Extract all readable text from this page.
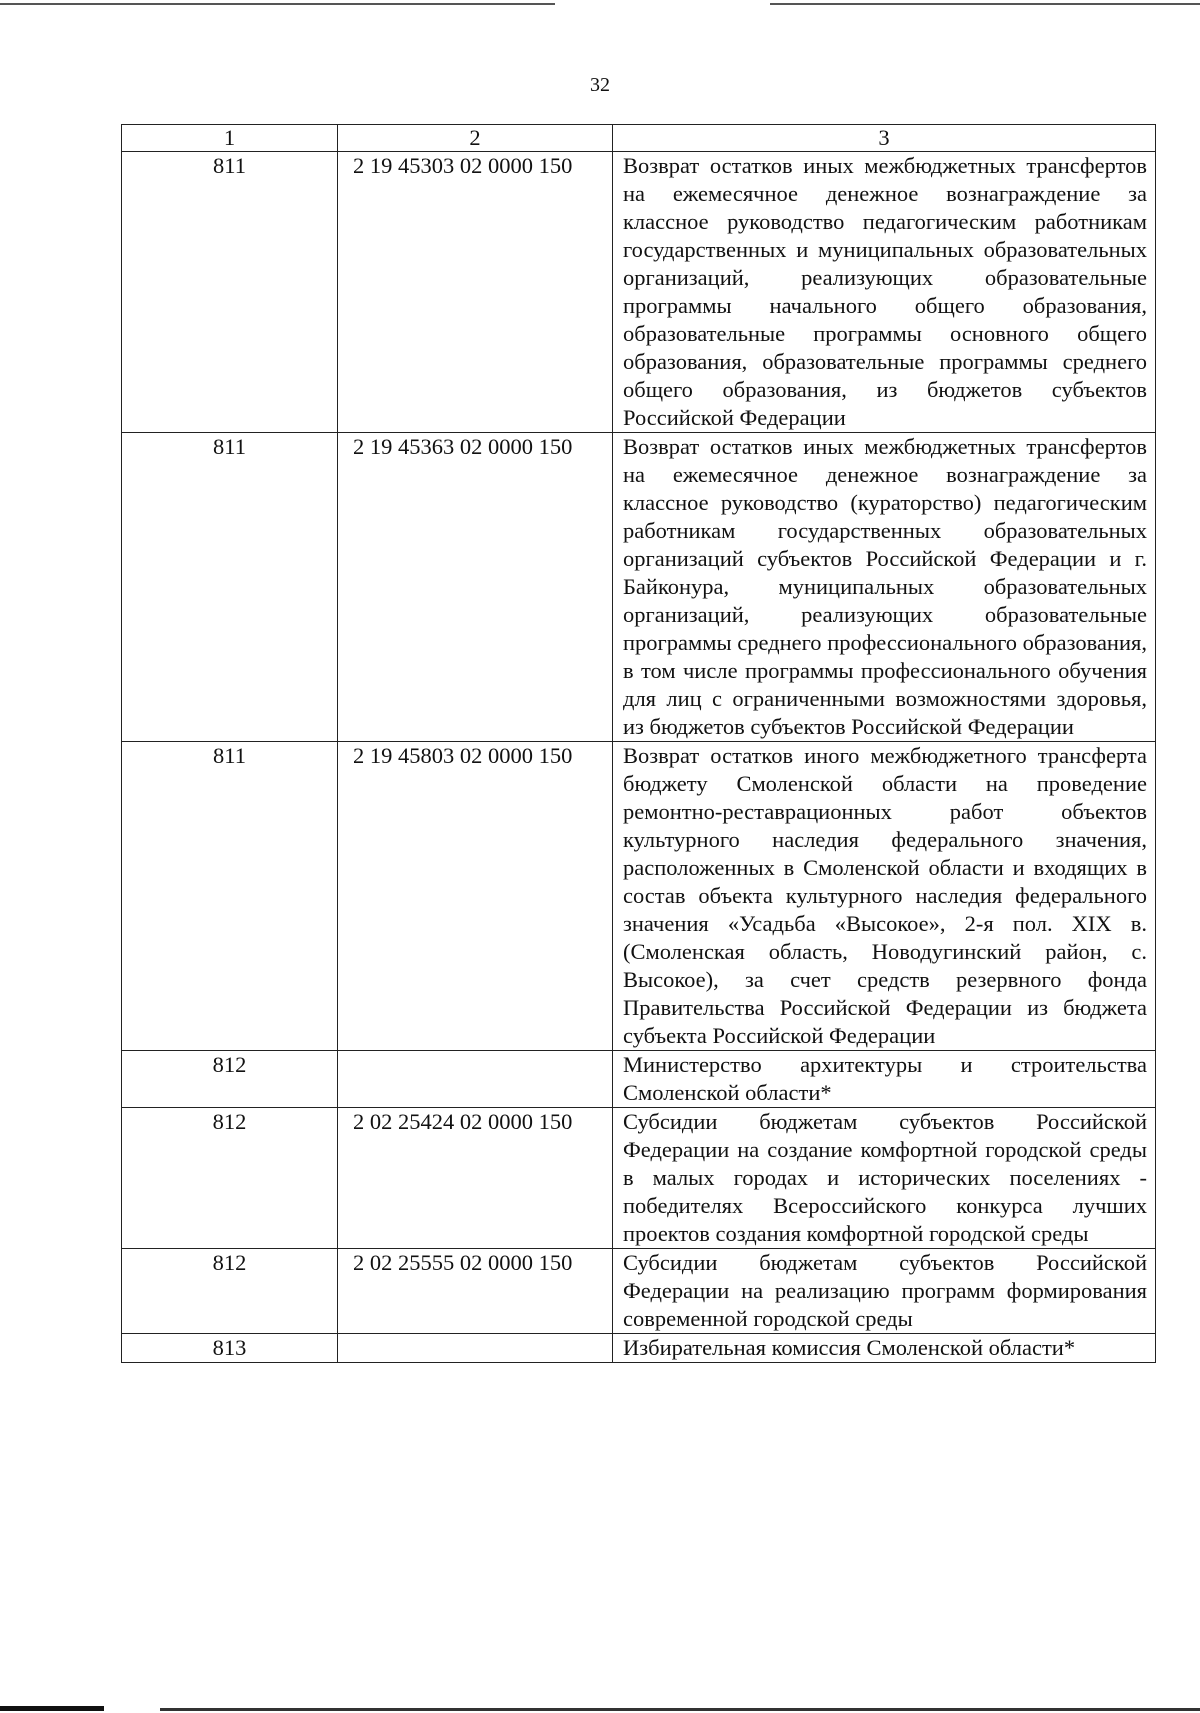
32
1	2	3
811	2 19 45303 02 0000 150	Возврат остатков иных межбюджетных трансфертов на ежемесячное денежное вознаграждение за классное руководство педагогическим работникам государственных и муниципальных образовательных организаций, реализующих образовательные программы начального общего образования, образовательные программы основного общего образования, образовательные программы среднего общего образования, из бюджетов субъектов Российской Федерации
811	2 19 45363 02 0000 150	Возврат остатков иных межбюджетных трансфертов на ежемесячное денежное вознаграждение за классное руководство (кураторство) педагогическим работникам государственных образовательных организаций субъектов Российской Федерации и г. Байконура, муниципальных образовательных организаций, реализующих образовательные программы среднего профессионального образования, в том числе программы профессионального обучения для лиц с ограниченными возможностями здоровья, из бюджетов субъектов Российской Федерации
811	2 19 45803 02 0000 150	Возврат остатков иного межбюджетного трансферта бюджету Смоленской области на проведение ремонтно-реставрационных работ объектов культурного наследия федерального значения, расположенных в Смоленской области и входящих в состав объекта культурного наследия федерального значения «Усадьба «Высокое», 2-я пол. XIX в. (Смоленская область, Новодугинский район, с. Высокое), за счет средств резервного фонда Правительства Российской Федерации из бюджета субъекта Российской Федерации
812		Министерство архитектуры и строительства Смоленской области*
812	2 02 25424 02 0000 150	Субсидии бюджетам субъектов Российской Федерации на создание комфортной городской среды в малых городах и исторических поселениях - победителях Всероссийского конкурса лучших проектов создания комфортной городской среды
812	2 02 25555 02 0000 150	Субсидии бюджетам субъектов Российской Федерации на реализацию программ формирования современной городской среды
813		Избирательная комиссия Смоленской области*
